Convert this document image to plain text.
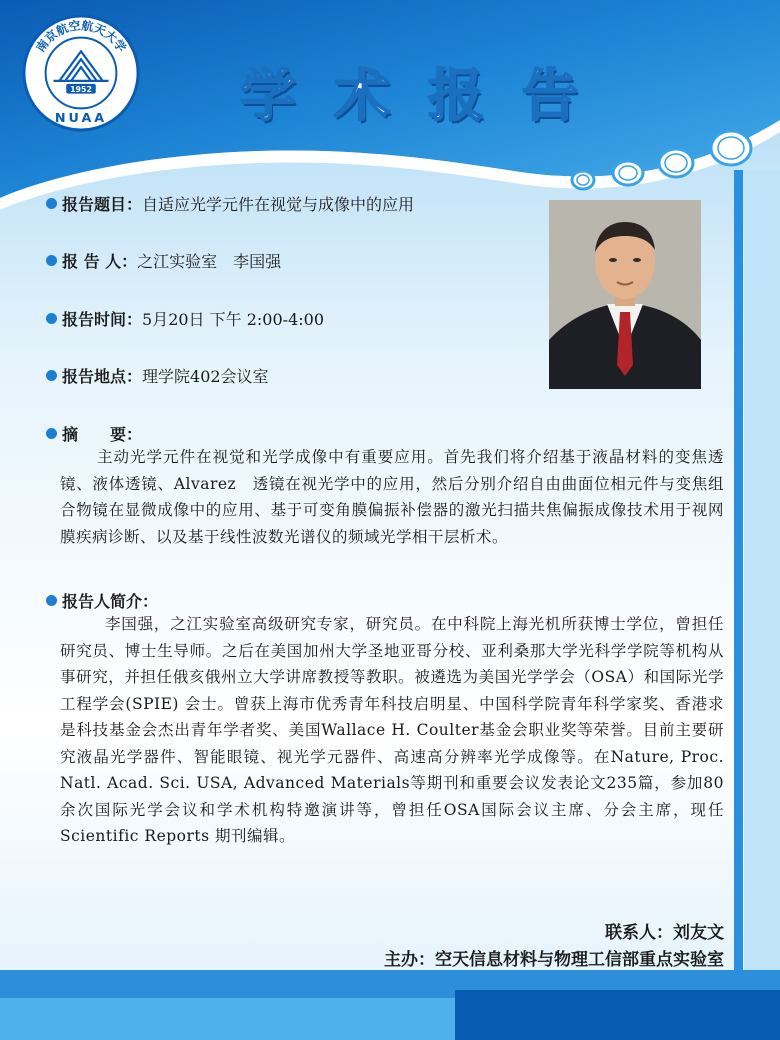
1952
NUAA
南京航空航天大学
学术报告
报告题目： 自适应光学元件在视觉与成像中的应用
报 告 人： 之江实验室　李国强
报告时间： 5月20日 下午 2:00-4:00
报告地点： 理学院402会议室
摘　　要：
主动光学元件在视觉和光学成像中有重要应用。首先我们将介绍基于液晶材料的变焦透镜、液体透镜、Alvarez　透镜在视光学中的应用，然后分别介绍自由曲面位相元件与变焦组合物镜在显微成像中的应用、基于可变角膜偏振补偿器的激光扫描共焦偏振成像技术用于视网膜疾病诊断、以及基于线性波数光谱仪的频域光学相干层析术。
报告人简介：
李国强，之江实验室高级研究专家，研究员。在中科院上海光机所获博士学位，曾担任研究员、博士生导师。之后在美国加州大学圣地亚哥分校、亚利桑那大学光科学学院等机构从事研究，并担任俄亥俄州立大学讲席教授等教职。被遴选为美国光学学会（OSA）和国际光学工程学会(SPIE) 会士。曾获上海市优秀青年科技启明星、中国科学院青年科学家奖、香港求是科技基金会杰出青年学者奖、美国Wallace H. Coulter基金会职业奖等荣誉。目前主要研究液晶光学器件、智能眼镜、视光学元器件、高速高分辨率光学成像等。在Nature, Proc. Natl. Acad. Sci. USA, Advanced Materials等期刊和重要会议发表论文235篇，参加80余次国际光学会议和学术机构特邀演讲等，曾担任OSA国际会议主席、分会主席，现任Scientific Reports 期刊编辑。
联系人：刘友文
主办：空天信息材料与物理工信部重点实验室
